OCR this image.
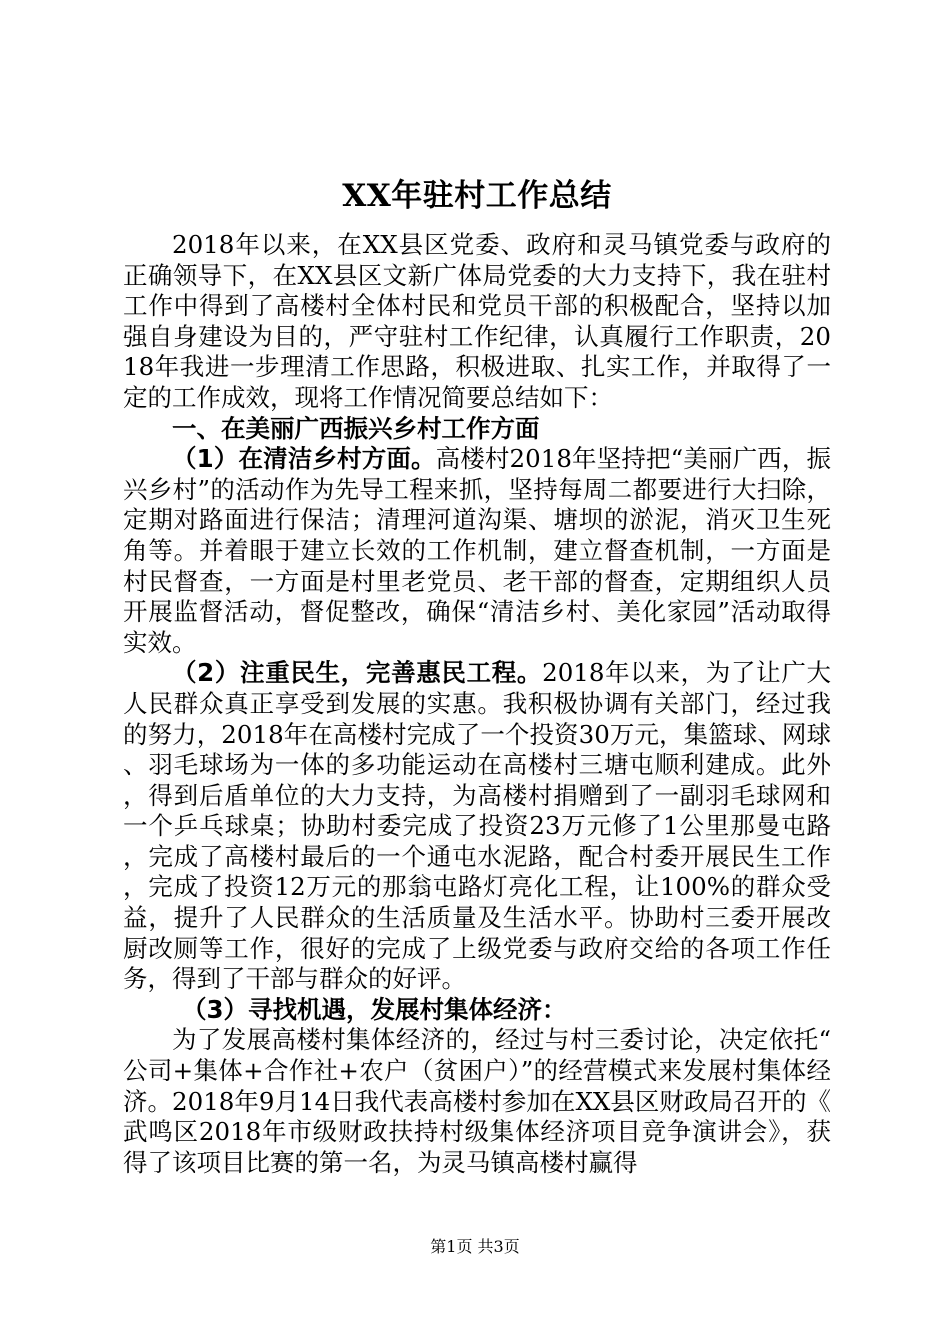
XX年驻村工作总结

2018年以来，在XX县区党委、政府和灵马镇党委与政府的正确领导下，在XX县区文新广体局党委的大力支持下，我在驻村工作中得到了高楼村全体村民和党员干部的积极配合，坚持以加强自身建设为目的，严守驻村工作纪律，认真履行工作职责，2018年我进一步理清工作思路，积极进取、扎实工作，并取得了一定的工作成效，现将工作情况简要总结如下：

一、在美丽广西振兴乡村工作方面

（1）在清洁乡村方面。高楼村2018年坚持把“美丽广西，振兴乡村”的活动作为先导工程来抓，坚持每周二都要进行大扫除，定期对路面进行保洁；清理河道沟渠、塘坝的淤泥，消灭卫生死角等。并着眼于建立长效的工作机制，建立督查机制，一方面是村民督查，一方面是村里老党员、老干部的督查，定期组织人员开展监督活动，督促整改，确保“清洁乡村、美化家园”活动取得实效。

（2）注重民生，完善惠民工程。2018年以来，为了让广大人民群众真正享受到发展的实惠。我积极协调有关部门，经过我的努力，2018年在高楼村完成了一个投资30万元，集篮球、网球、羽毛球场为一体的多功能运动在高楼村三塘屯顺利建成。此外，得到后盾单位的大力支持，为高楼村捐赠到了一副羽毛球网和一个乒乓球桌；协助村委完成了投资23万元修了1公里那曼屯路，完成了高楼村最后的一个通屯水泥路，配合村委开展民生工作，完成了投资12万元的那翁屯路灯亮化工程，让100%的群众受益，提升了人民群众的生活质量及生活水平。协助村三委开展改厨改厕等工作，很好的完成了上级党委与政府交给的各项工作任务，得到了干部与群众的好评。

（3）寻找机遇，发展村集体经济：

为了发展高楼村集体经济的，经过与村三委讨论，决定依托“公司+集体+合作社+农户（贫困户）”的经营模式来发展村集体经济。2018年9月14日我代表高楼村参加在XX县区财政局召开的《武鸣区2018年市级财政扶持村级集体经济项目竞争演讲会》，获得了该项目比赛的第一名，为灵马镇高楼村赢得

第1页 共3页
